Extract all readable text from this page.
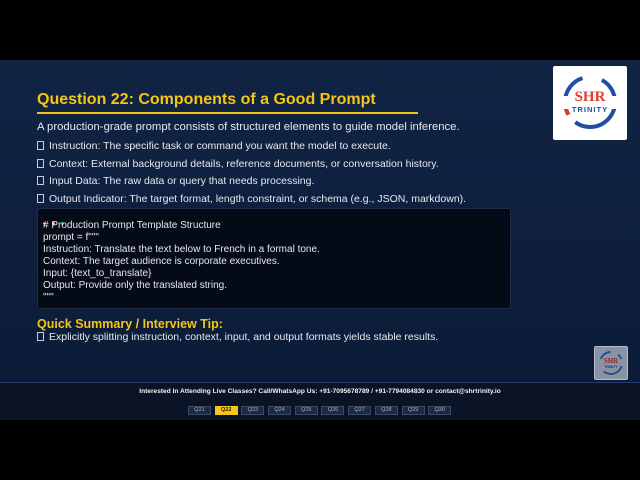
Question 22: Components of a Good Prompt	SHR
TRINITY

A production-grade prompt consists of structured elements to guide model inference.

Instruction: The specific task or command you want the model to execute.
Context: External background details, reference documents, or conversation history.
Input Data: The raw data or query that needs processing.
Output Indicator: The target format, length constraint, or schema (e.g., JSON, markdown).

# Production Prompt Template Structure
prompt = f"""
Instruction: Translate the text below to French in a formal tone.
Context: The target audience is corporate executives.
Input: {text_to_translate}
Output: Provide only the translated string.
"""
Quick Summary / Interview Tip:

Explicitly splitting instruction, context, input, and output formats yields stable results.

SHR
TRINITY
Interested In Attending Live Classes? Call/WhatsApp Us: +91-7095678789 / +91-7794084830 or contact@shrtrinity.io
Q21	Q22	Q23	Q24	Q25	Q26	Q27	Q28	Q29	Q30
